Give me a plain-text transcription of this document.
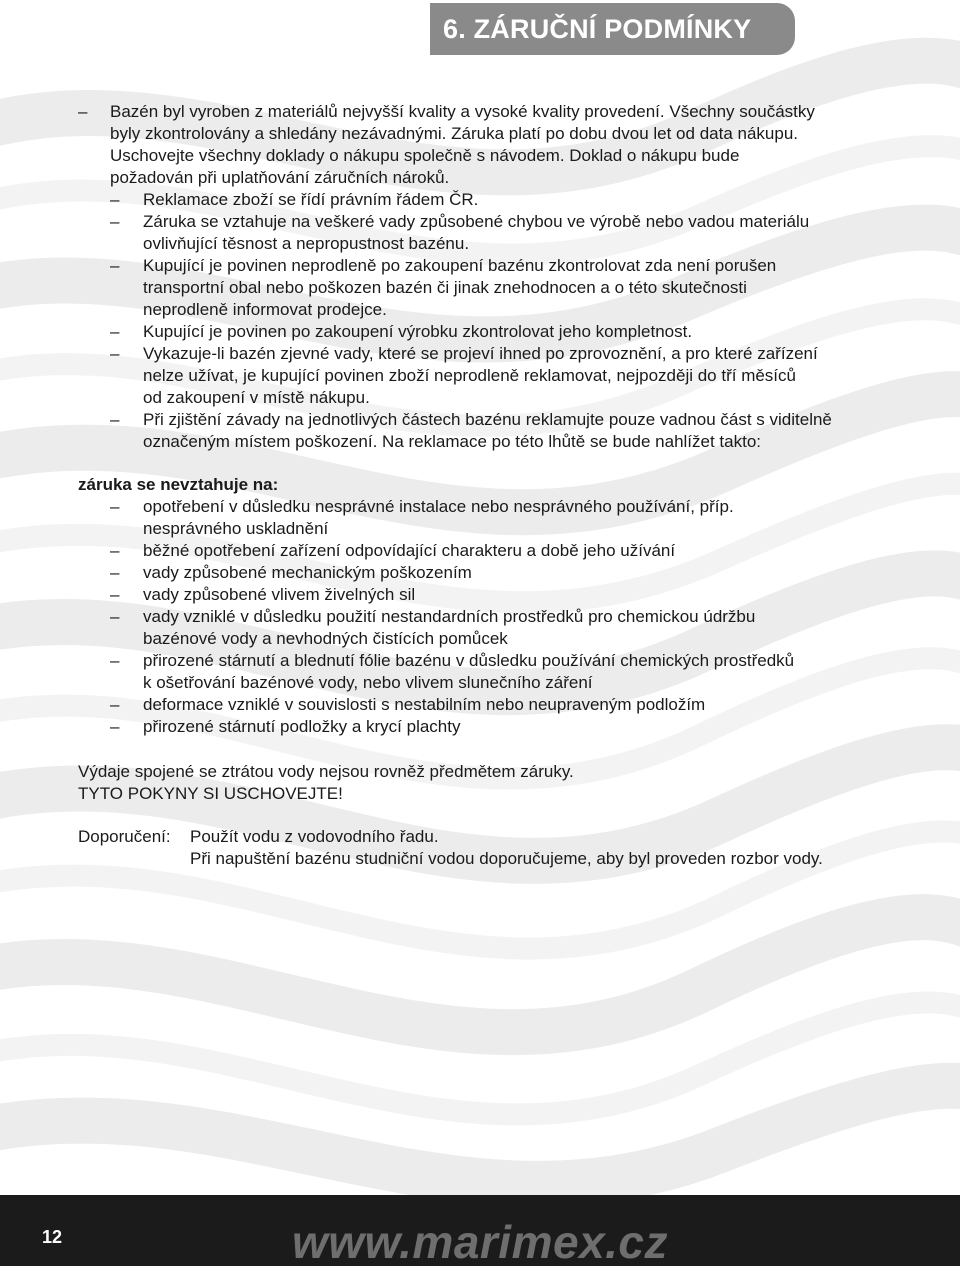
6. ZÁRUČNÍ PODMÍNKY
– Bazén byl vyroben z materiálů nejvyšší kvality a vysoké kvality provedení. Všechny součástky
byly zkontrolovány a shledány nezávadnými. Záruka platí po dobu dvou let od data nákupu.
Uschovejte všechny doklady o nákupu společně s návodem. Doklad o nákupu bude
požadován při uplatňování záručních nároků.
– Reklamace zboží se řídí právním řádem ČR.
– Záruka se vztahuje na veškeré vady způsobené chybou ve výrobě nebo vadou materiálu
ovlivňující těsnost a nepropustnost bazénu.
– Kupující je povinen neprodleně po zakoupení bazénu zkontrolovat zda není porušen
transportní obal nebo poškozen bazén či jinak znehodnocen a o této skutečnosti
neprodleně informovat prodejce.
– Kupující je povinen po zakoupení výrobku zkontrolovat jeho kompletnost.
– Vykazuje-li bazén zjevné vady, které se projeví ihned po zprovoznění, a pro které zařízení
nelze užívat, je kupující povinen zboží neprodleně reklamovat, nejpozději do tří měsíců
od zakoupení v místě nákupu.
– Při zjištění závady na jednotlivých částech bazénu reklamujte pouze vadnou část s viditelně
označeným místem poškození. Na reklamace po této lhůtě se bude nahlížet takto:
záruka se nevztahuje na:
– opotřebení v důsledku nesprávné instalace nebo nesprávného používání, příp.
nesprávného uskladnění
– běžné opotřebení zařízení odpovídající charakteru a době jeho užívání
– vady způsobené mechanickým poškozením
– vady způsobené vlivem živelných sil
– vady vzniklé v důsledku použití nestandardních prostředků pro chemickou údržbu
bazénové vody a nevhodných čistících pomůcek
– přirozené stárnutí a blednutí fólie bazénu v důsledku používání chemických prostředků
k ošetřování bazénové vody, nebo vlivem slunečního záření
– deformace vzniklé v souvislosti s nestabilním nebo neupraveným podložím
– přirozené stárnutí podložky a krycí plachty
Výdaje spojené se ztrátou vody nejsou rovněž předmětem záruky.
TYTO POKYNY SI USCHOVEJTE!
Doporučení: Použít vodu z vodovodního řadu.
Při napuštění bazénu studniční vodou doporučujeme, aby byl proveden rozbor vody.
12	www.marimex.cz
